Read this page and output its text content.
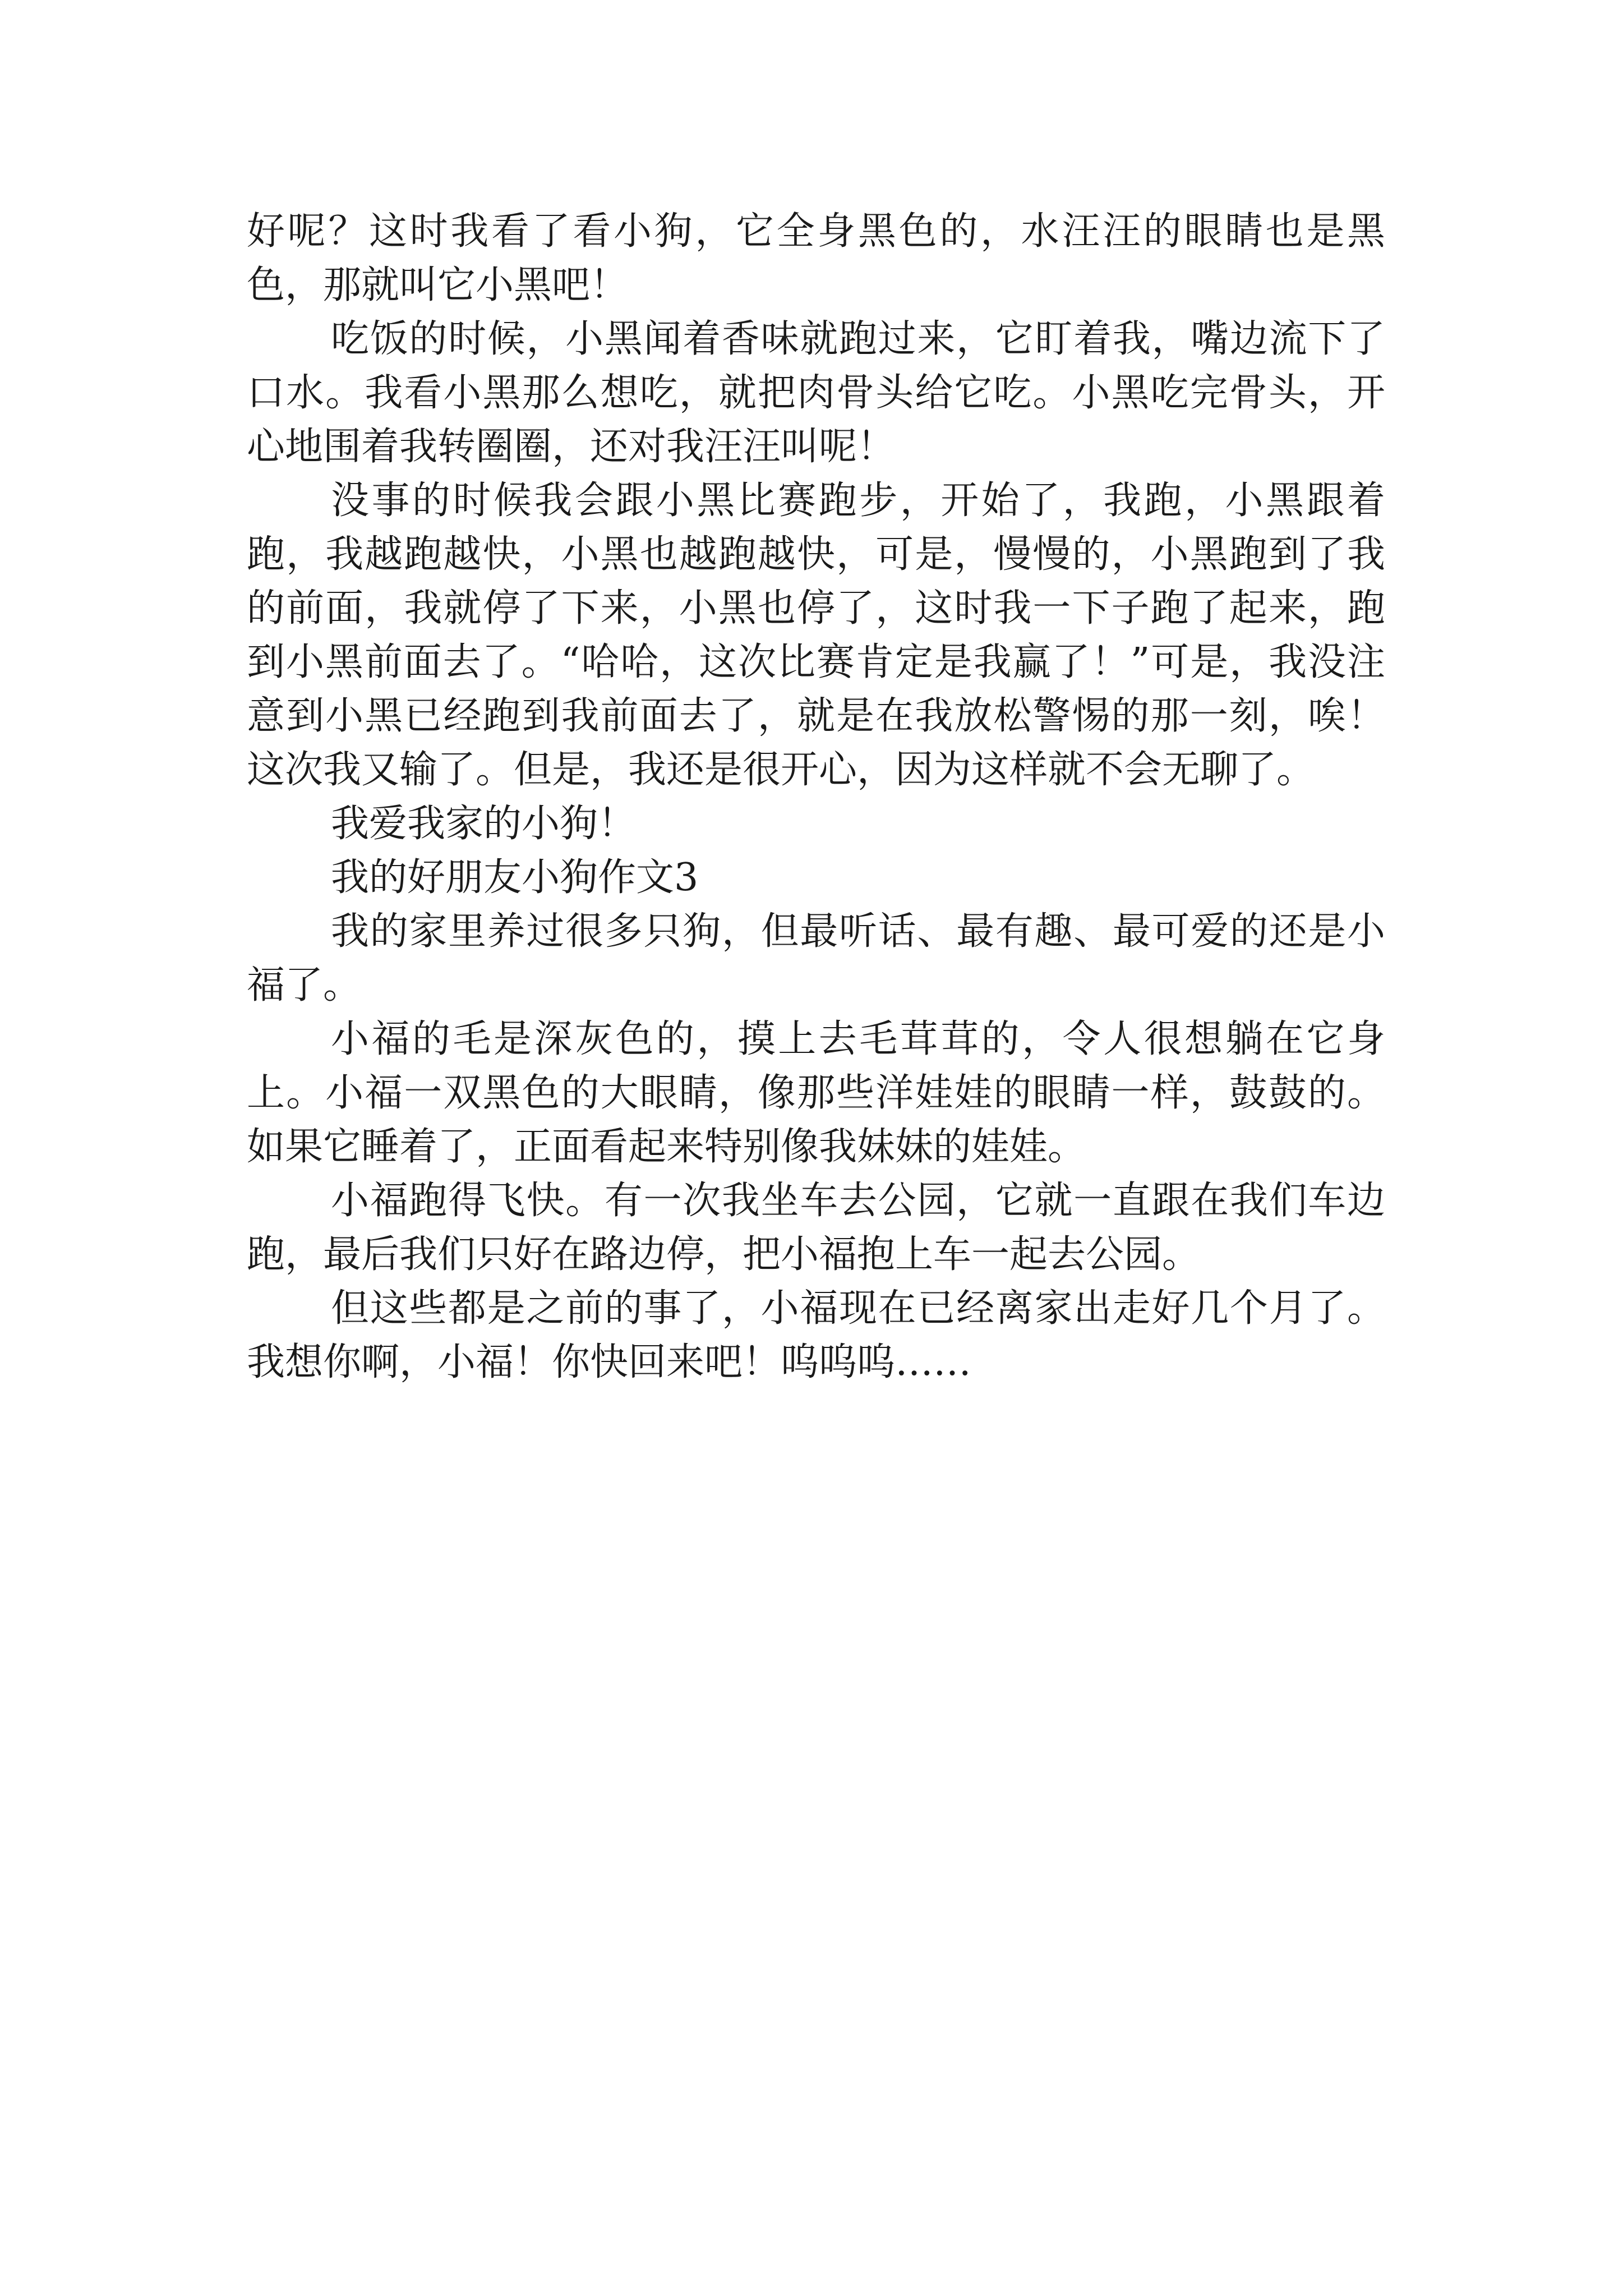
好呢？这时我看了看小狗，它全身黑色的，水汪汪的眼睛也是黑色，那就叫它小黑吧！

吃饭的时候，小黑闻着香味就跑过来，它盯着我，嘴边流下了口水。我看小黑那么想吃，就把肉骨头给它吃。小黑吃完骨头，开心地围着我转圈圈，还对我汪汪叫呢！

没事的时候我会跟小黑比赛跑步，开始了，我跑，小黑跟着跑，我越跑越快，小黑也越跑越快，可是，慢慢的，小黑跑到了我的前面，我就停了下来，小黑也停了，这时我一下子跑了起来，跑到小黑前面去了。“哈哈，这次比赛肯定是我赢了！”可是，我没注意到小黑已经跑到我前面去了，就是在我放松警惕的那一刻，唉！这次我又输了。但是，我还是很开心，因为这样就不会无聊了。

我爱我家的小狗！

我的好朋友小狗作文3

我的家里养过很多只狗，但最听话、最有趣、最可爱的还是小福了。

小福的毛是深灰色的，摸上去毛茸茸的，令人很想躺在它身上。小福一双黑色的大眼睛，像那些洋娃娃的眼睛一样，鼓鼓的。如果它睡着了，正面看起来特别像我妹妹的娃娃。

小福跑得飞快。有一次我坐车去公园，它就一直跟在我们车边跑，最后我们只好在路边停，把小福抱上车一起去公园。

但这些都是之前的事了，小福现在已经离家出走好几个月了。我想你啊，小福！你快回来吧！呜呜呜……
